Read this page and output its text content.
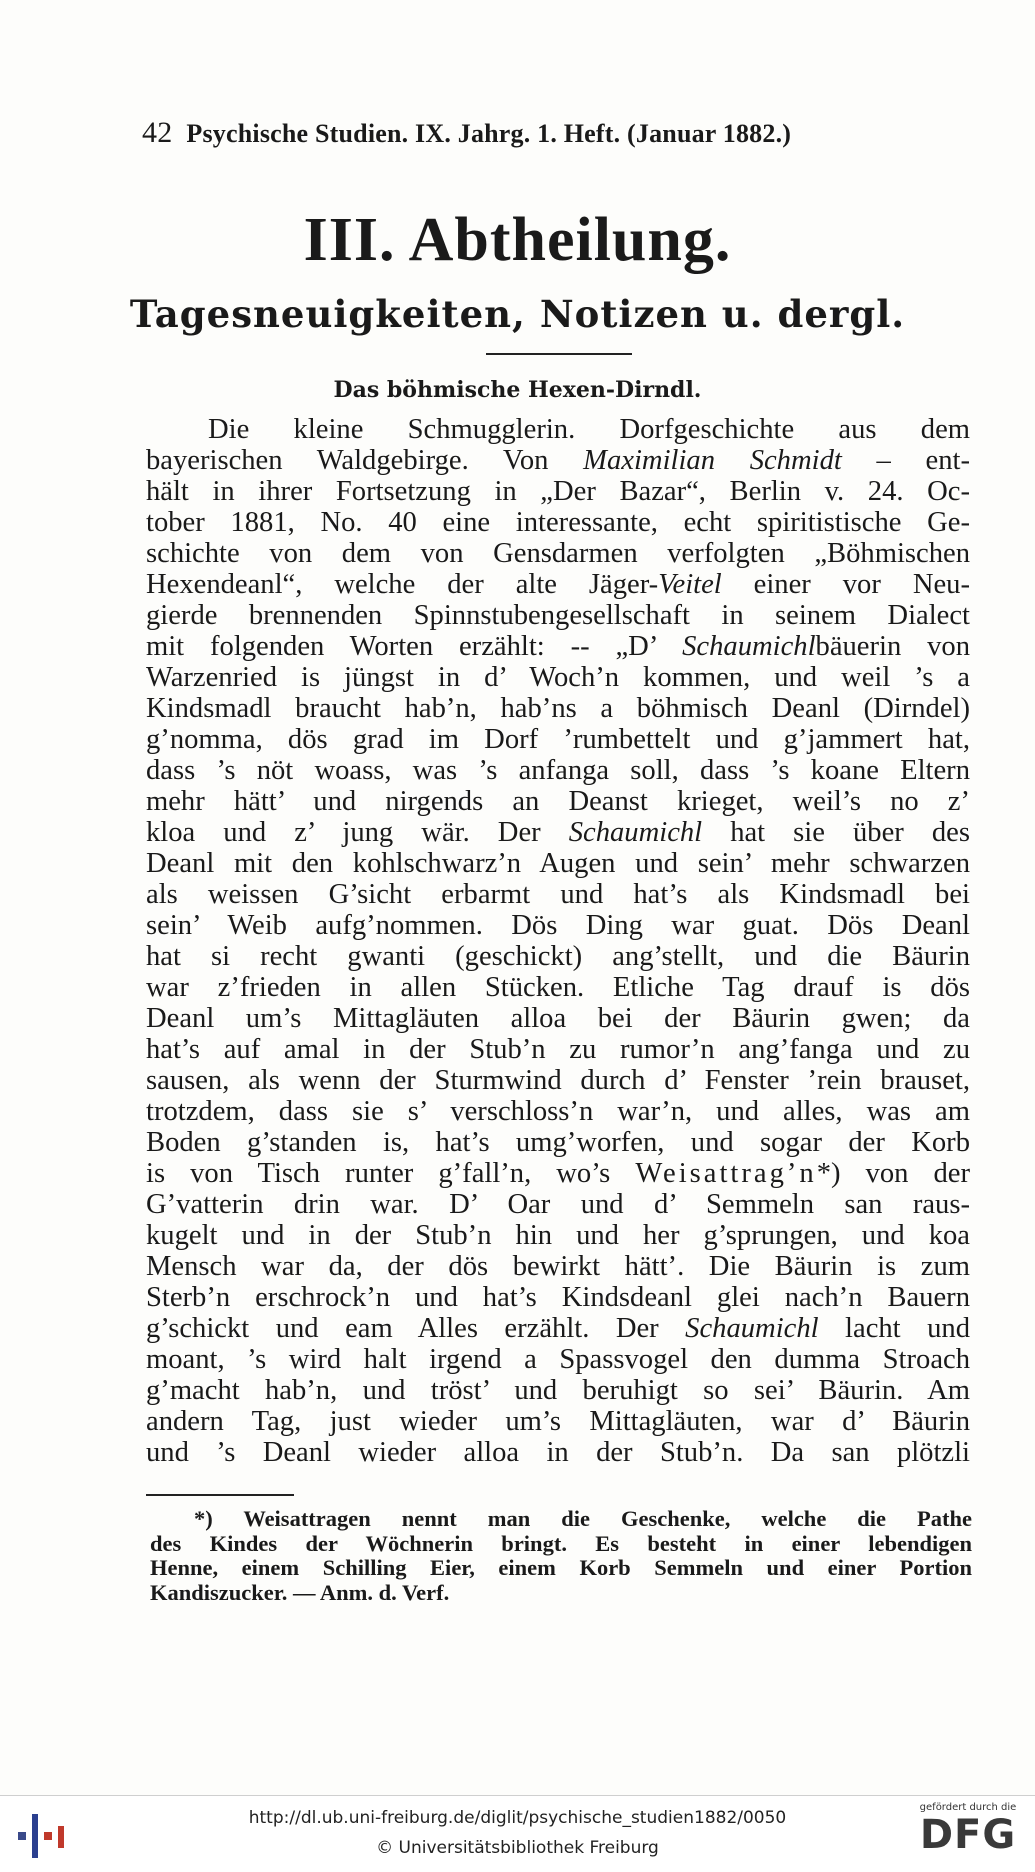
42 Psychische Studien. IX. Jahrg. 1. Heft. (Januar 1882.)
III. Abtheilung.
Tagesneuigkeiten, Notizen u. dergl.
Das böhmische Hexen-Dirndl.
Die kleine Schmugglerin. Dorfgeschichte aus dem
bayerischen Waldgebirge. Von Maximilian Schmidt – ent-
hält in ihrer Fortsetzung in „Der Bazar“, Berlin v. 24. Oc-
tober 1881, No. 40 eine interessante, echt spiritistische Ge-
schichte von dem von Gensdarmen verfolgten „Böhmischen
Hexendeanl“, welche der alte Jäger-Veitel einer vor Neu-
gierde brennenden Spinnstubengesellschaft in seinem Dialect
mit folgenden Worten erzählt: -- „D’ Schaumichlbäuerin von
Warzenried is jüngst in d’ Woch’n kommen, und weil ’s a
Kindsmadl braucht hab’n, hab’ns a böhmisch Deanl (Dirndel)
g’nomma, dös grad im Dorf ’rumbettelt und g’jammert hat,
dass ’s nöt woass, was ’s anfanga soll, dass ’s koane Eltern
mehr hätt’ und nirgends an Deanst krieget, weil’s no z’
kloa und z’ jung wär. Der Schaumichl hat sie über des
Deanl mit den kohlschwarz’n Augen und sein’ mehr schwarzen
als weissen G’sicht erbarmt und hat’s als Kindsmadl bei
sein’ Weib aufg’nommen. Dös Ding war guat. Dös Deanl
hat si recht gwanti (geschickt) ang’stellt, und die Bäurin
war z’frieden in allen Stücken. Etliche Tag drauf is dös
Deanl um’s Mittagläuten alloa bei der Bäurin gwen; da
hat’s auf amal in der Stub’n zu rumor’n ang’fanga und zu
sausen, als wenn der Sturmwind durch d’ Fenster ’rein brauset,
trotzdem, dass sie s’ verschloss’n war’n, und alles, was am
Boden g’standen is, hat’s umg’worfen, und sogar der Korb
is von Tisch runter g’fall’n, wo’s Weisattrag’n*) von der
G’vatterin drin war. D’ Oar und d’ Semmeln san raus-
kugelt und in der Stub’n hin und her g’sprungen, und koa
Mensch war da, der dös bewirkt hätt’. Die Bäurin is zum
Sterb’n erschrock’n und hat’s Kindsdeanl glei nach’n Bauern
g’schickt und eam Alles erzählt. Der Schaumichl lacht und
moant, ’s wird halt irgend a Spassvogel den dumma Stroach
g’macht hab’n, und tröst’ und beruhigt so sei’ Bäurin. Am
andern Tag, just wieder um’s Mittagläuten, war d’ Bäurin
und ’s Deanl wieder alloa in der Stub’n. Da san plötzli
*) Weisattragen nennt man die Geschenke, welche die Pathe
des Kindes der Wöchnerin bringt. Es besteht in einer lebendigen
Henne, einem Schilling Eier, einem Korb Semmeln und einer Portion
Kandiszucker. — Anm. d. Verf.
http://dl.ub.uni-freiburg.de/diglit/psychische_studien1882/0050
© Universitätsbibliothek Freiburg
gefördert durch die
DFG
